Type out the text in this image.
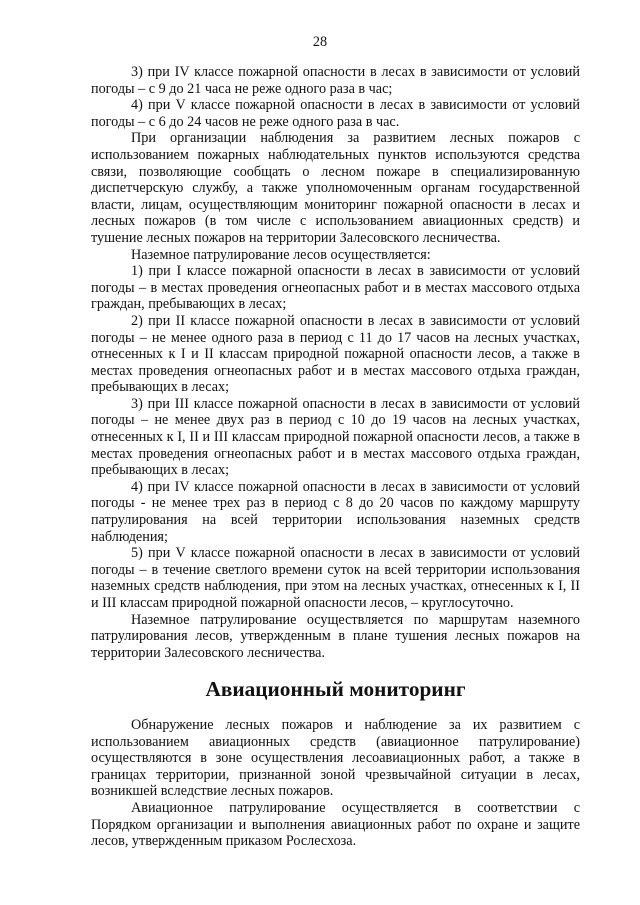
28

3) при IV классе пожарной опасности в лесах в зависимости от условий погоды – с 9 до 21 часа не реже одного раза в час;

4) при V классе пожарной опасности в лесах в зависимости от условий погоды – с 6 до 24 часов не реже одного раза в час.

При организации наблюдения за развитием лесных пожаров с использованием пожарных наблюдательных пунктов используются средства связи, позволяющие сообщать о лесном пожаре в специализированную диспетчерскую службу, а также уполномоченным органам государственной власти, лицам, осуществляющим мониторинг пожарной опасности в лесах и лесных пожаров (в том числе с использованием авиационных средств) и тушение лесных пожаров на территории Залесовского лесничества.

Наземное патрулирование лесов осуществляется:

1) при I классе пожарной опасности в лесах в зависимости от условий погоды – в местах проведения огнеопасных работ и в местах массового отдыха граждан, пребывающих в лесах;

2) при II классе пожарной опасности в лесах в зависимости от условий погоды – не менее одного раза в период с 11 до 17 часов на лесных участках, отнесенных к I и II классам природной пожарной опасности лесов, а также в местах проведения огнеопасных работ и в местах массового отдыха граждан, пребывающих в лесах;

3) при III классе пожарной опасности в лесах в зависимости от условий погоды – не менее двух раз в период с 10 до 19 часов на лесных участках, отнесенных к I, II и III классам природной пожарной опасности лесов, а также в местах проведения огнеопасных работ и в местах массового отдыха граждан, пребывающих в лесах;

4) при IV классе пожарной опасности в лесах в зависимости от условий погоды - не менее трех раз в период с 8 до 20 часов по каждому маршруту патрулирования на всей территории использования наземных средств наблюдения;

5) при V классе пожарной опасности в лесах в зависимости от условий погоды – в течение светлого времени суток на всей территории использования наземных средств наблюдения, при этом на лесных участках, отнесенных к I, II и III классам природной пожарной опасности лесов, – круглосуточно.

Наземное патрулирование осуществляется по маршрутам наземного патрулирования лесов, утвержденным в плане тушения лесных пожаров на территории Залесовского лесничества.

Авиационный мониторинг

Обнаружение лесных пожаров и наблюдение за их развитием с использованием авиационных средств (авиационное патрулирование) осуществляются в зоне осуществления лесоавиационных работ, а также в границах территории, признанной зоной чрезвычайной ситуации в лесах, возникшей вследствие лесных пожаров.

Авиационное патрулирование осуществляется в соответствии с Порядком организации и выполнения авиационных работ по охране и защите лесов, утвержденным приказом Рослесхоза.
